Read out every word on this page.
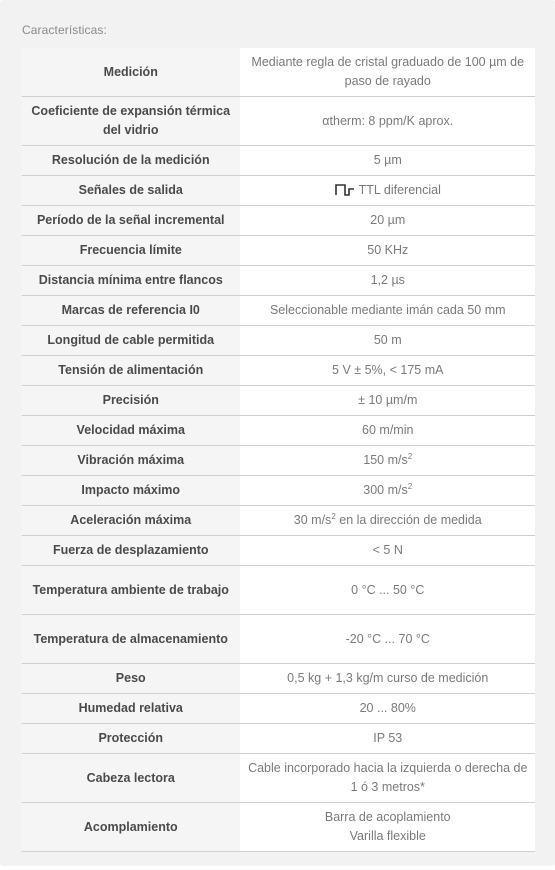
Características:
Medición	Mediante regla de cristal graduado de 100 µm de paso de rayado
Coeficiente de expansión térmica del vidrio	αtherm: 8 ppm/K aprox.
Resolución de la medición	5 µm
Señales de salida	TTL diferencial
Período de la señal incremental	20 µm
Frecuencia límite	50 KHz
Distancia mínima entre flancos	1,2 µs
Marcas de referencia I0	Seleccionable mediante imán cada 50 mm
Longitud de cable permitida	50 m
Tensión de alimentación	5 V ± 5%, < 175 mA
Precisión	± 10 µm/m
Velocidad máxima	60 m/min
Vibración máxima	150 $m/s^2$
Impacto máximo	300 $m/s^2$
Aceleración máxima	30 $m/s^2$ en la dirección de medida
Fuerza de desplazamiento	< 5 N
Temperatura ambiente de trabajo	0 °C ... 50 °C
Temperatura de almacenamiento	-20 °C ... 70 °C
Peso	0,5 kg + 1,3 kg/m curso de medición
Humedad relativa	20 ... 80%
Protección	IP 53
Cabeza lectora	Cable incorporado hacia la izquierda o derecha de 1 ó 3 metros*
Acomplamiento	Barra de acoplamiento
Varilla flexible
